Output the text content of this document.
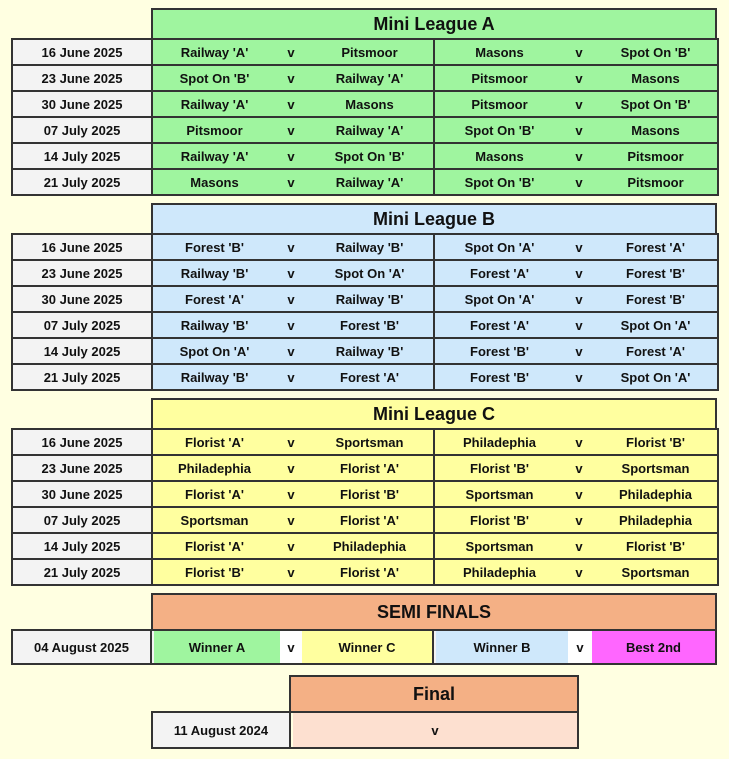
Mini League A
16 June 2025	Railway 'A'	v	Pitsmoor	Masons	v	Spot On 'B'
23 June 2025	Spot On 'B'	v	Railway 'A'	Pitsmoor	v	Masons
30 June 2025	Railway 'A'	v	Masons	Pitsmoor	v	Spot On 'B'
07 July 2025	Pitsmoor	v	Railway 'A'	Spot On 'B'	v	Masons
14 July 2025	Railway 'A'	v	Spot On 'B'	Masons	v	Pitsmoor
21 July 2025	Masons	v	Railway 'A'	Spot On 'B'	v	Pitsmoor
Mini League B
16 June 2025	Forest 'B'	v	Railway 'B'	Spot On 'A'	v	Forest 'A'
23 June 2025	Railway 'B'	v	Spot On 'A'	Forest 'A'	v	Forest 'B'
30 June 2025	Forest 'A'	v	Railway 'B'	Spot On 'A'	v	Forest 'B'
07 July 2025	Railway 'B'	v	Forest 'B'	Forest 'A'	v	Spot On 'A'
14 July 2025	Spot On 'A'	v	Railway 'B'	Forest 'B'	v	Forest 'A'
21 July 2025	Railway 'B'	v	Forest 'A'	Forest 'B'	v	Spot On 'A'
Mini League C
16 June 2025	Florist 'A'	v	Sportsman	Philadephia	v	Florist 'B'
23 June 2025	Philadephia	v	Florist 'A'	Florist 'B'	v	Sportsman
30 June 2025	Florist 'A'	v	Florist 'B'	Sportsman	v	Philadephia
07 July 2025	Sportsman	v	Florist 'A'	Florist 'B'	v	Philadephia
14 July 2025	Florist 'A'	v	Philadephia	Sportsman	v	Florist 'B'
21 July 2025	Florist 'B'	v	Florist 'A'	Philadephia	v	Sportsman
SEMI FINALS
04 August 2025	Winner A	v	Winner C	Winner B	v	Best 2nd
Final
11 August 2024	v
